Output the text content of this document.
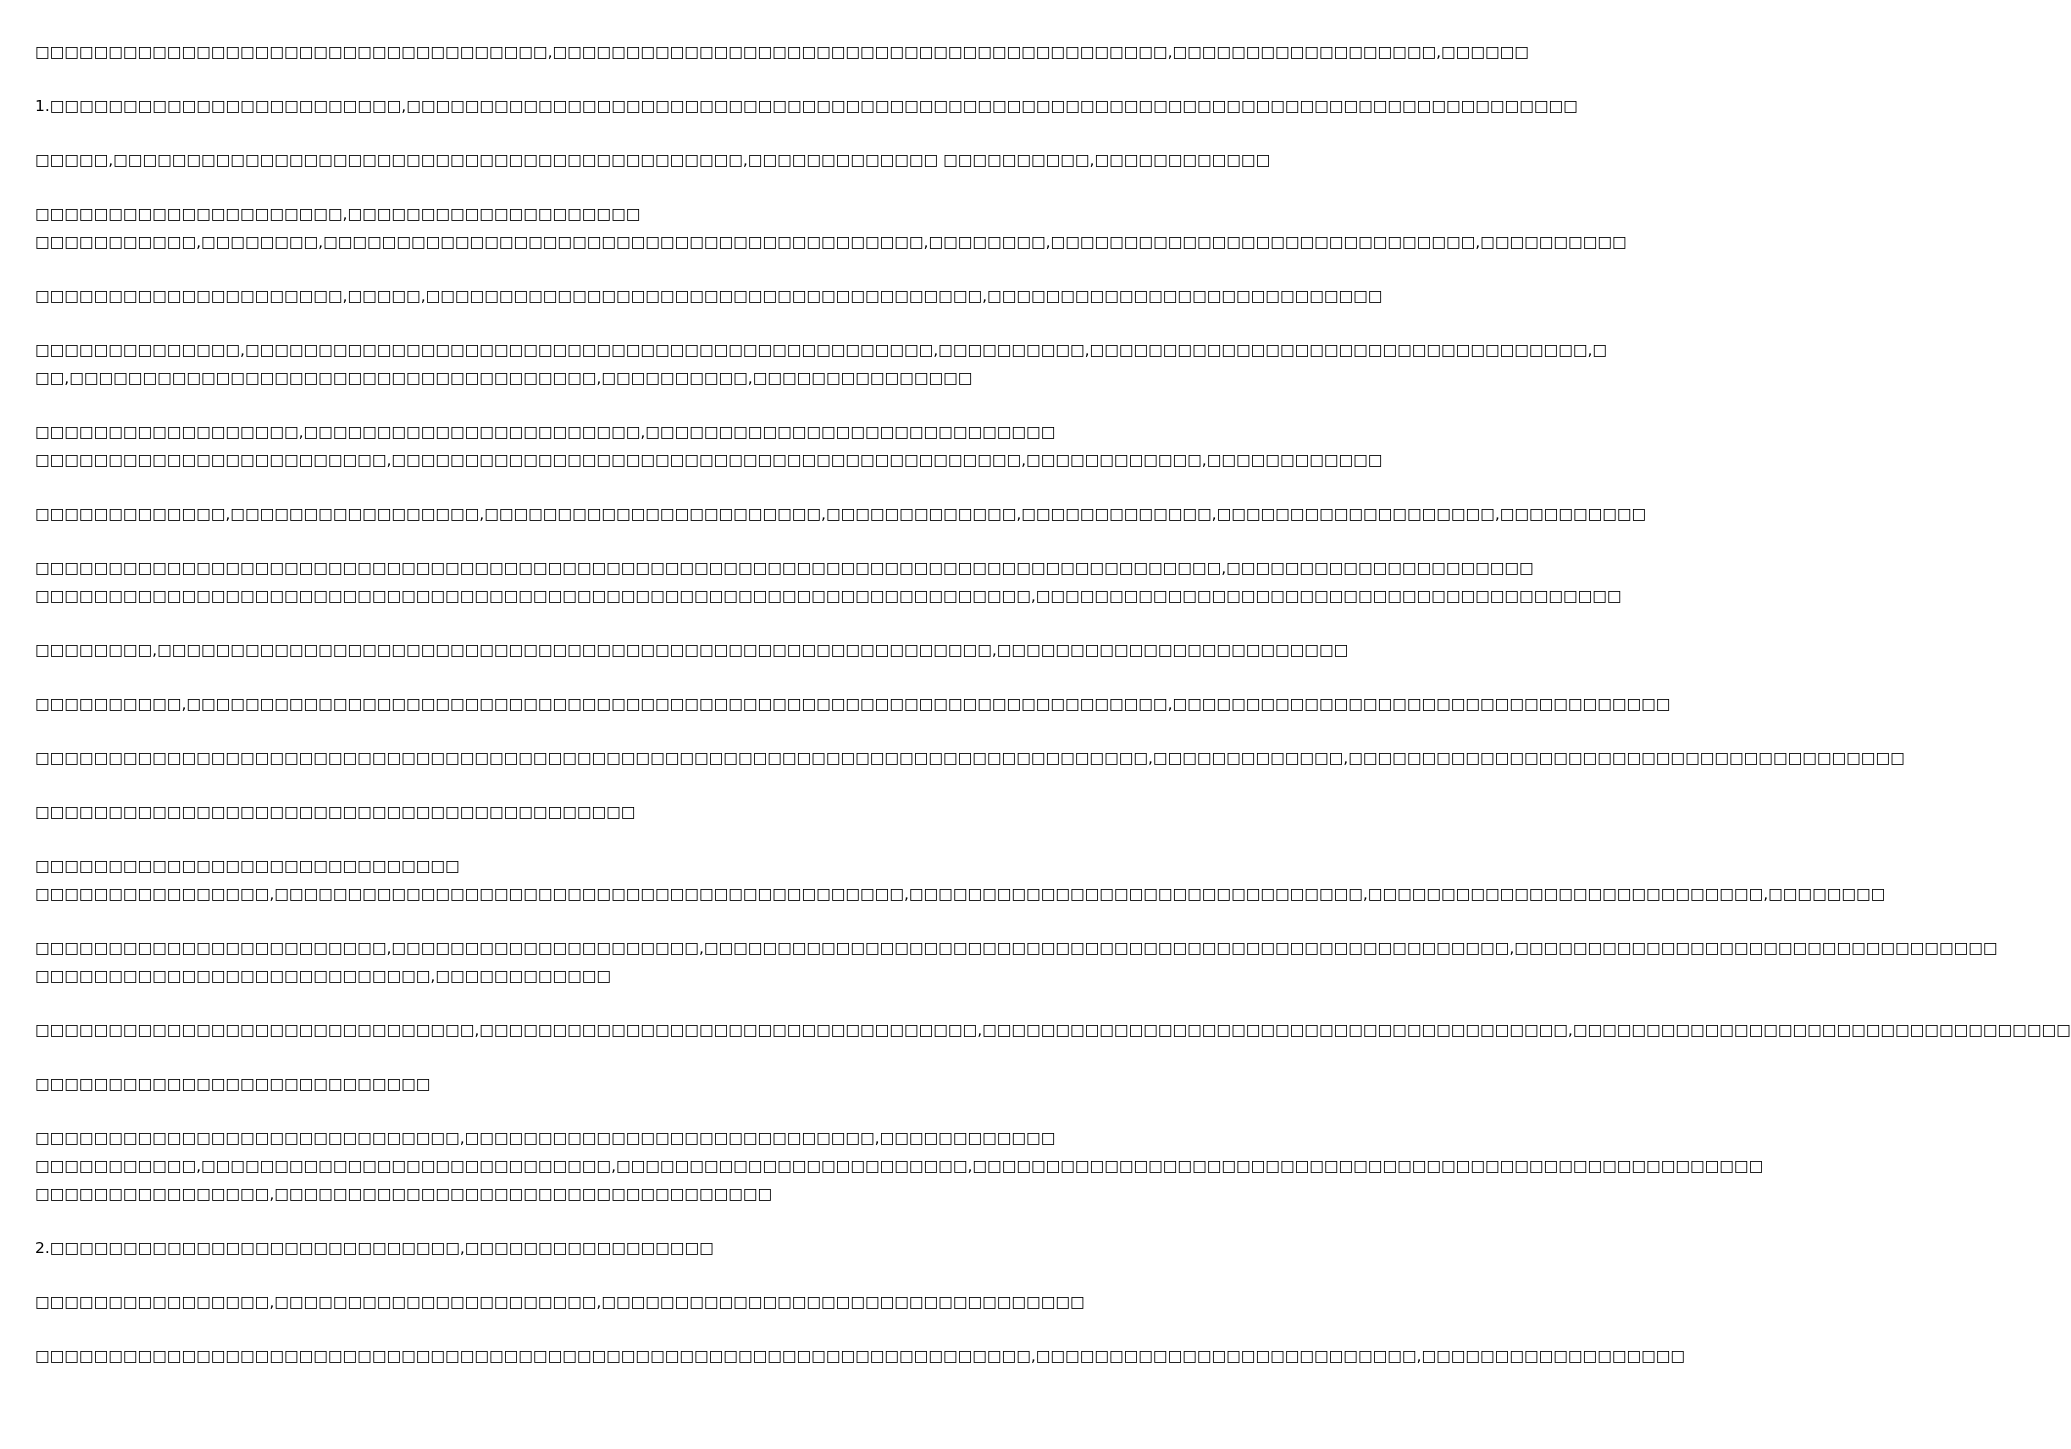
□□□□□□□□□□□□□□□□□□□□□□□□□□□□□□□□□□□,□□□□□□□□□□□□□□□□□□□□□□□□□□□□□□□□□□□□□□□□□□,□□□□□□□□□□□□□□□□□□,□□□□□□
1.□□□□□□□□□□□□□□□□□□□□□□□□,□□□□□□□□□□□□□□□□□□□□□□□□□□□□□□□□□□□□□□□□□□□□□□□□□□□□□□□□□□□□□□□□□□□□□□□□□□□□□□□□
□□□□□,□□□□□□□□□□□□□□□□□□□□□□□□□□□□□□□□□□□□□□□□□□□,□□□□□□□□□□□□□ □□□□□□□□□□,□□□□□□□□□□□□
□□□□□□□□□□□□□□□□□□□□□,□□□□□□□□□□□□□□□□□□□□
□□□□□□□□□□□,□□□□□□□□,□□□□□□□□□□□□□□□□□□□□□□□□□□□□□□□□□□□□□□□□□,□□□□□□□□,□□□□□□□□□□□□□□□□□□□□□□□□□□□□□,□□□□□□□□□□
□□□□□□□□□□□□□□□□□□□□□,□□□□□,□□□□□□□□□□□□□□□□□□□□□□□□□□□□□□□□□□□□□□,□□□□□□□□□□□□□□□□□□□□□□□□□□□
□□□□□□□□□□□□□□,□□□□□□□□□□□□□□□□□□□□□□□□□□□□□□□□□□□□□□□□□□□□□□□,□□□□□□□□□□,□□□□□□□□□□□□□□□□□□□□□□□□□□□□□□□□□□,□
□□,□□□□□□□□□□□□□□□□□□□□□□□□□□□□□□□□□□□□,□□□□□□□□□□,□□□□□□□□□□□□□□□
□□□□□□□□□□□□□□□□□□,□□□□□□□□□□□□□□□□□□□□□□□,□□□□□□□□□□□□□□□□□□□□□□□□□□□□
□□□□□□□□□□□□□□□□□□□□□□□□,□□□□□□□□□□□□□□□□□□□□□□□□□□□□□□□□□□□□□□□□□□□,□□□□□□□□□□□□,□□□□□□□□□□□□
□□□□□□□□□□□□□,□□□□□□□□□□□□□□□□□,□□□□□□□□□□□□□□□□□□□□□□□,□□□□□□□□□□□□□,□□□□□□□□□□□□□,□□□□□□□□□□□□□□□□□□□,□□□□□□□□□□
□□□□□□□□□□□□□□□□□□□□□□□□□□□□□□□□□□□□□□□□□□□□□□□□□□□□□□□□□□□□□□□□□□□□□□□□□□□□□□□□□,□□□□□□□□□□□□□□□□□□□□□
□□□□□□□□□□□□□□□□□□□□□□□□□□□□□□□□□□□□□□□□□□□□□□□□□□□□□□□□□□□□□□□□□□□□,□□□□□□□□□□□□□□□□□□□□□□□□□□□□□□□□□□□□□□□□
□□□□□□□□,□□□□□□□□□□□□□□□□□□□□□□□□□□□□□□□□□□□□□□□□□□□□□□□□□□□□□□□□□,□□□□□□□□□□□□□□□□□□□□□□□□
□□□□□□□□□□,□□□□□□□□□□□□□□□□□□□□□□□□□□□□□□□□□□□□□□□□□□□□□□□□□□□□□□□□□□□□□□□□□□□,□□□□□□□□□□□□□□□□□□□□□□□□□□□□□□□□□□
□□□□□□□□□□□□□□□□□□□□□□□□□□□□□□□□□□□□□□□□□□□□□□□□□□□□□□□□□□□□□□□□□□□□□□□□□□□□,□□□□□□□□□□□□□,□□□□□□□□□□□□□□□□□□□□□□□□□□□□□□□□□□□□□□
□□□□□□□□□□□□□□□□□□□□□□□□□□□□□□□□□□□□□□□□□
□□□□□□□□□□□□□□□□□□□□□□□□□□□□□
□□□□□□□□□□□□□□□□,□□□□□□□□□□□□□□□□□□□□□□□□□□□□□□□□□□□□□□□□□□□,□□□□□□□□□□□□□□□□□□□□□□□□□□□□□□□,□□□□□□□□□□□□□□□□□□□□□□□□□□□,□□□□□□□□
□□□□□□□□□□□□□□□□□□□□□□□□,□□□□□□□□□□□□□□□□□□□□□,□□□□□□□□□□□□□□□□□□□□□□□□□□□□□□□□□□□□□□□□□□□□□□□□□□□□□□□,□□□□□□□□□□□□□□□□□□□□□□□□□□□□□□□□□
□□□□□□□□□□□□□□□□□□□□□□□□□□□,□□□□□□□□□□□□
□□□□□□□□□□□□□□□□□□□□□□□□□□□□□□,□□□□□□□□□□□□□□□□□□□□□□□□□□□□□□□□□□,□□□□□□□□□□□□□□□□□□□□□□□□□□□□□□□□□□□□□□□□,□□□□□□□□□□□□□□□□□□□□□□□□□□□□□□□□□□
□□□□□□□□□□□□□□□□□□□□□□□□□□□
□□□□□□□□□□□□□□□□□□□□□□□□□□□□□,□□□□□□□□□□□□□□□□□□□□□□□□□□□□,□□□□□□□□□□□□
□□□□□□□□□□□,□□□□□□□□□□□□□□□□□□□□□□□□□□□□,□□□□□□□□□□□□□□□□□□□□□□□□,□□□□□□□□□□□□□□□□□□□□□□□□□□□□□□□□□□□□□□□□□□□□□□□□□□□□□□
□□□□□□□□□□□□□□□□,□□□□□□□□□□□□□□□□□□□□□□□□□□□□□□□□□□
2.□□□□□□□□□□□□□□□□□□□□□□□□□□□□,□□□□□□□□□□□□□□□□□
□□□□□□□□□□□□□□□□,□□□□□□□□□□□□□□□□□□□□□□,□□□□□□□□□□□□□□□□□□□□□□□□□□□□□□□□□
□□□□□□□□□□□□□□□□□□□□□□□□□□□□□□□□□□□□□□□□□□□□□□□□□□□□□□□□□□□□□□□□□□□□,□□□□□□□□□□□□□□□□□□□□□□□□□□,□□□□□□□□□□□□□□□□□□
